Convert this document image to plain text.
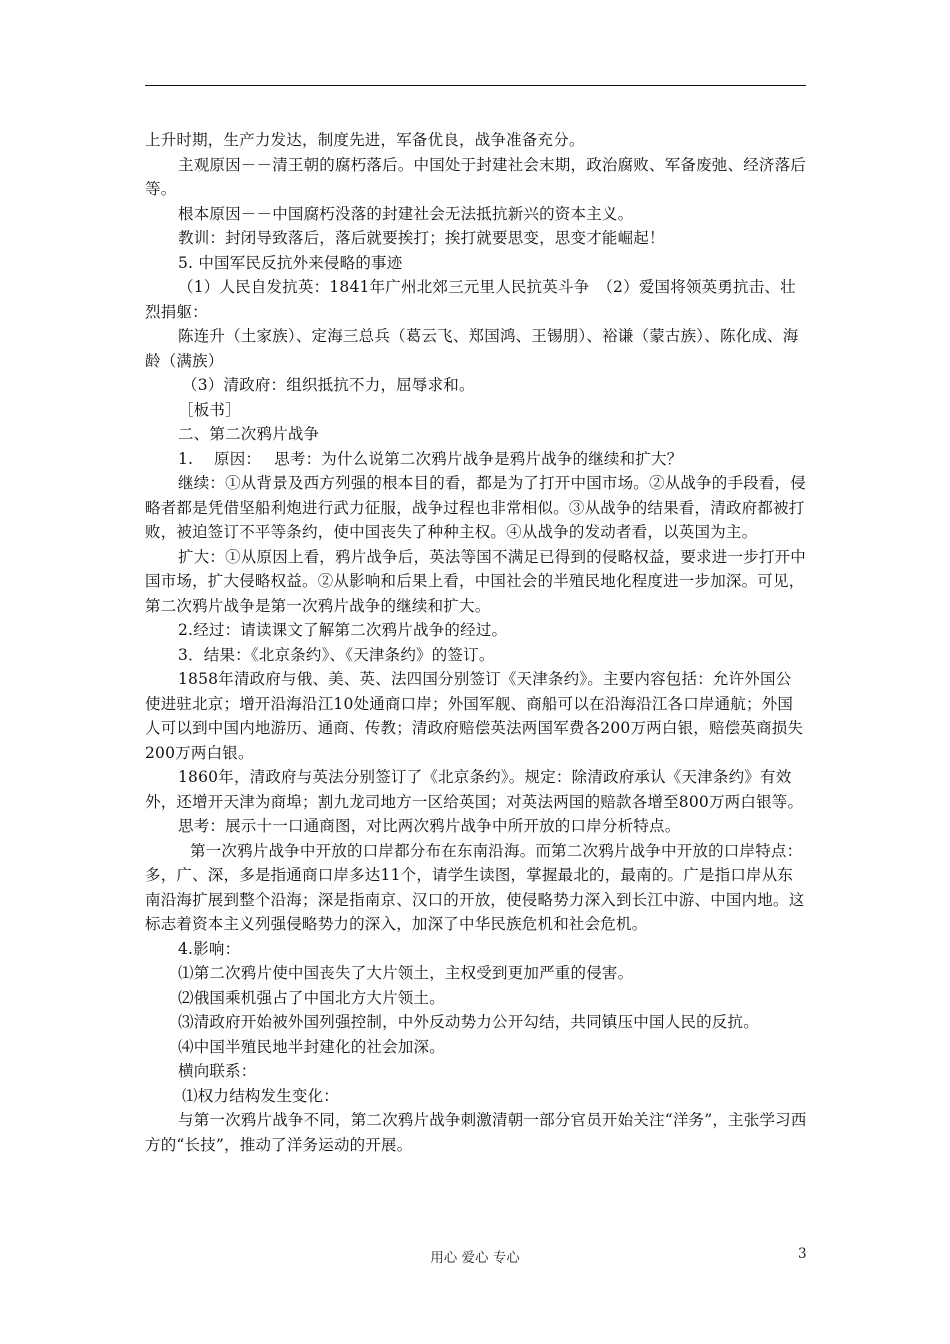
上升时期，生产力发达，制度先进，军备优良，战争准备充分。

主观原因－－清王朝的腐朽落后。中国处于封建社会末期，政治腐败、军备废弛、经济落后等。

根本原因－－中国腐朽没落的封建社会无法抵抗新兴的资本主义。

教训：封闭导致落后，落后就要挨打；挨打就要思变，思变才能崛起！

5. 中国军民反抗外来侵略的事迹

（1）人民自发抗英：1841年广州北郊三元里人民抗英斗争　（2）爱国将领英勇抗击、壮烈捐躯：

陈连升（土家族）、定海三总兵（葛云飞、郑国鸿、王锡朋）、裕谦（蒙古族）、陈化成、海龄（满族）

（3）清政府：组织抵抗不力，屈辱求和。

［板书］

二、第二次鸦片战争

1.　 原因：　 思考：为什么说第二次鸦片战争是鸦片战争的继续和扩大？

继续：①从背景及西方列强的根本目的看，都是为了打开中国市场。②从战争的手段看，侵略者都是凭借坚船利炮进行武力征服，战争过程也非常相似。③从战争的结果看，清政府都被打败，被迫签订不平等条约，使中国丧失了种种主权。④从战争的发动者看，以英国为主。

扩大：①从原因上看，鸦片战争后，英法等国不满足已得到的侵略权益，要求进一步打开中国市场，扩大侵略权益。②从影响和后果上看，中国社会的半殖民地化程度进一步加深。可见，第二次鸦片战争是第一次鸦片战争的继续和扩大。

2.经过：请读课文了解第二次鸦片战争的经过。

3．结果：《北京条约》、《天津条约》的签订。

1858年清政府与俄、美、英、法四国分别签订《天津条约》。主要内容包括：允许外国公使进驻北京；增开沿海沿江10处通商口岸；外国军舰、商船可以在沿海沿江各口岸通航；外国人可以到中国内地游历、通商、传教；清政府赔偿英法两国军费各200万两白银，赔偿英商损失200万两白银。

1860年，清政府与英法分别签订了《北京条约》。规定：除清政府承认《天津条约》有效外，还增开天津为商埠；割九龙司地方一区给英国；对英法两国的赔款各增至800万两白银等。

思考：展示十一口通商图，对比两次鸦片战争中所开放的口岸分析特点。

第一次鸦片战争中开放的口岸都分布在东南沿海。而第二次鸦片战争中开放的口岸特点：多，广、深，多是指通商口岸多达11个，请学生读图，掌握最北的，最南的。广是指口岸从东南沿海扩展到整个沿海；深是指南京、汉口的开放，使侵略势力深入到长江中游、中国内地。这标志着资本主义列强侵略势力的深入，加深了中华民族危机和社会危机。

4.影响：

⑴第二次鸦片使中国丧失了大片领土，主权受到更加严重的侵害。

⑵俄国乘机强占了中国北方大片领土。

⑶清政府开始被外国列强控制，中外反动势力公开勾结，共同镇压中国人民的反抗。

⑷中国半殖民地半封建化的社会加深。

横向联系：

⑴权力结构发生变化：

与第一次鸦片战争不同，第二次鸦片战争刺激清朝一部分官员开始关注“洋务”，主张学习西方的“长技”，推动了洋务运动的开展。

用心 爱心 专心	3
